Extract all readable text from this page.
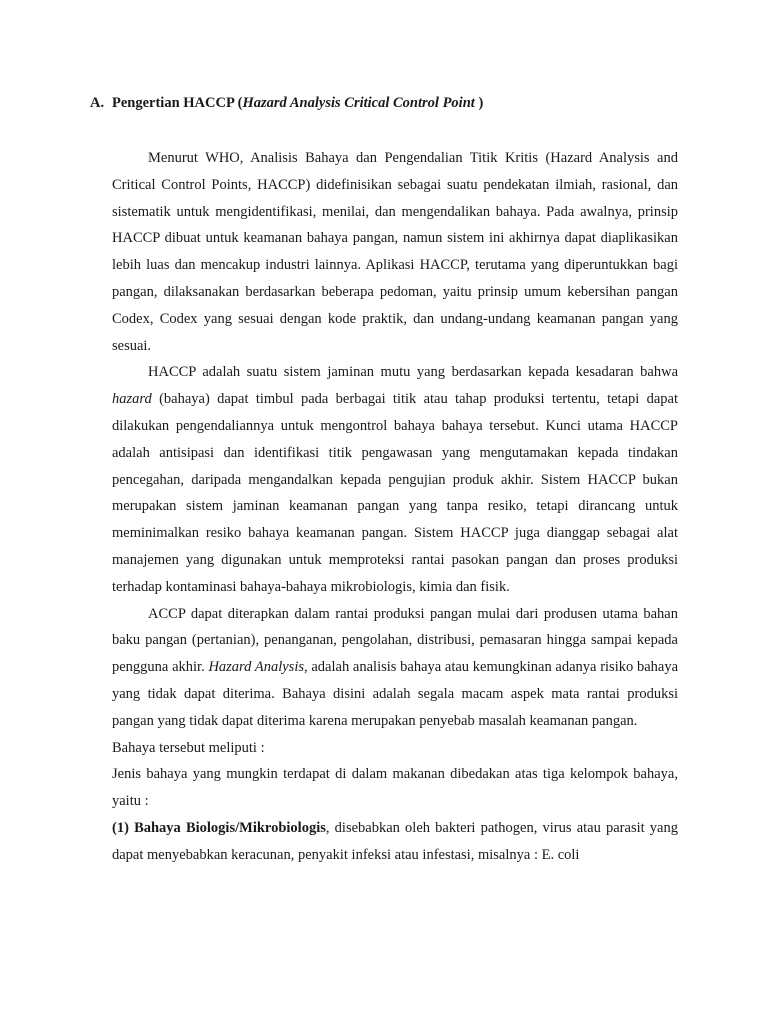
A. Pengertian HACCP (Hazard Analysis Critical Control Point )

Menurut WHO, Analisis Bahaya dan Pengendalian Titik Kritis (Hazard Analysis and Critical Control Points, HACCP) didefinisikan sebagai suatu pendekatan ilmiah, rasional, dan sistematik untuk mengidentifikasi, menilai, dan mengendalikan bahaya. Pada awalnya, prinsip HACCP dibuat untuk keamanan bahaya pangan, namun sistem ini akhirnya dapat diaplikasikan lebih luas dan mencakup industri lainnya. Aplikasi HACCP, terutama yang diperuntukkan bagi pangan, dilaksanakan berdasarkan beberapa pedoman, yaitu prinsip umum kebersihan pangan Codex, Codex yang sesuai dengan kode praktik, dan undang-undang keamanan pangan yang sesuai.

HACCP adalah suatu sistem jaminan mutu yang berdasarkan kepada kesadaran bahwa hazard (bahaya) dapat timbul pada berbagai titik atau tahap produksi tertentu, tetapi dapat dilakukan pengendaliannya untuk mengontrol bahaya bahaya tersebut. Kunci utama HACCP adalah antisipasi dan identifikasi titik pengawasan yang mengutamakan kepada tindakan pencegahan, daripada mengandalkan kepada pengujian produk akhir. Sistem HACCP bukan merupakan sistem jaminan keamanan pangan yang tanpa resiko, tetapi dirancang untuk meminimalkan resiko bahaya keamanan pangan. Sistem HACCP juga dianggap sebagai alat manajemen yang digunakan untuk memproteksi rantai pasokan pangan dan proses produksi terhadap kontaminasi bahaya-bahaya mikrobiologis, kimia dan fisik.

ACCP dapat diterapkan dalam rantai produksi pangan mulai dari produsen utama bahan baku pangan (pertanian), penanganan, pengolahan, distribusi, pemasaran hingga sampai kepada pengguna akhir. Hazard Analysis, adalah analisis bahaya atau kemungkinan adanya risiko bahaya yang tidak dapat diterima. Bahaya disini adalah segala macam aspek mata rantai produksi pangan yang tidak dapat diterima karena merupakan penyebab masalah keamanan pangan.

Bahaya tersebut meliputi :

Jenis bahaya yang mungkin terdapat di dalam makanan dibedakan atas tiga kelompok bahaya, yaitu :

(1) Bahaya Biologis/Mikrobiologis, disebabkan oleh bakteri pathogen, virus atau parasit yang dapat menyebabkan keracunan, penyakit infeksi atau infestasi, misalnya : E. coli
